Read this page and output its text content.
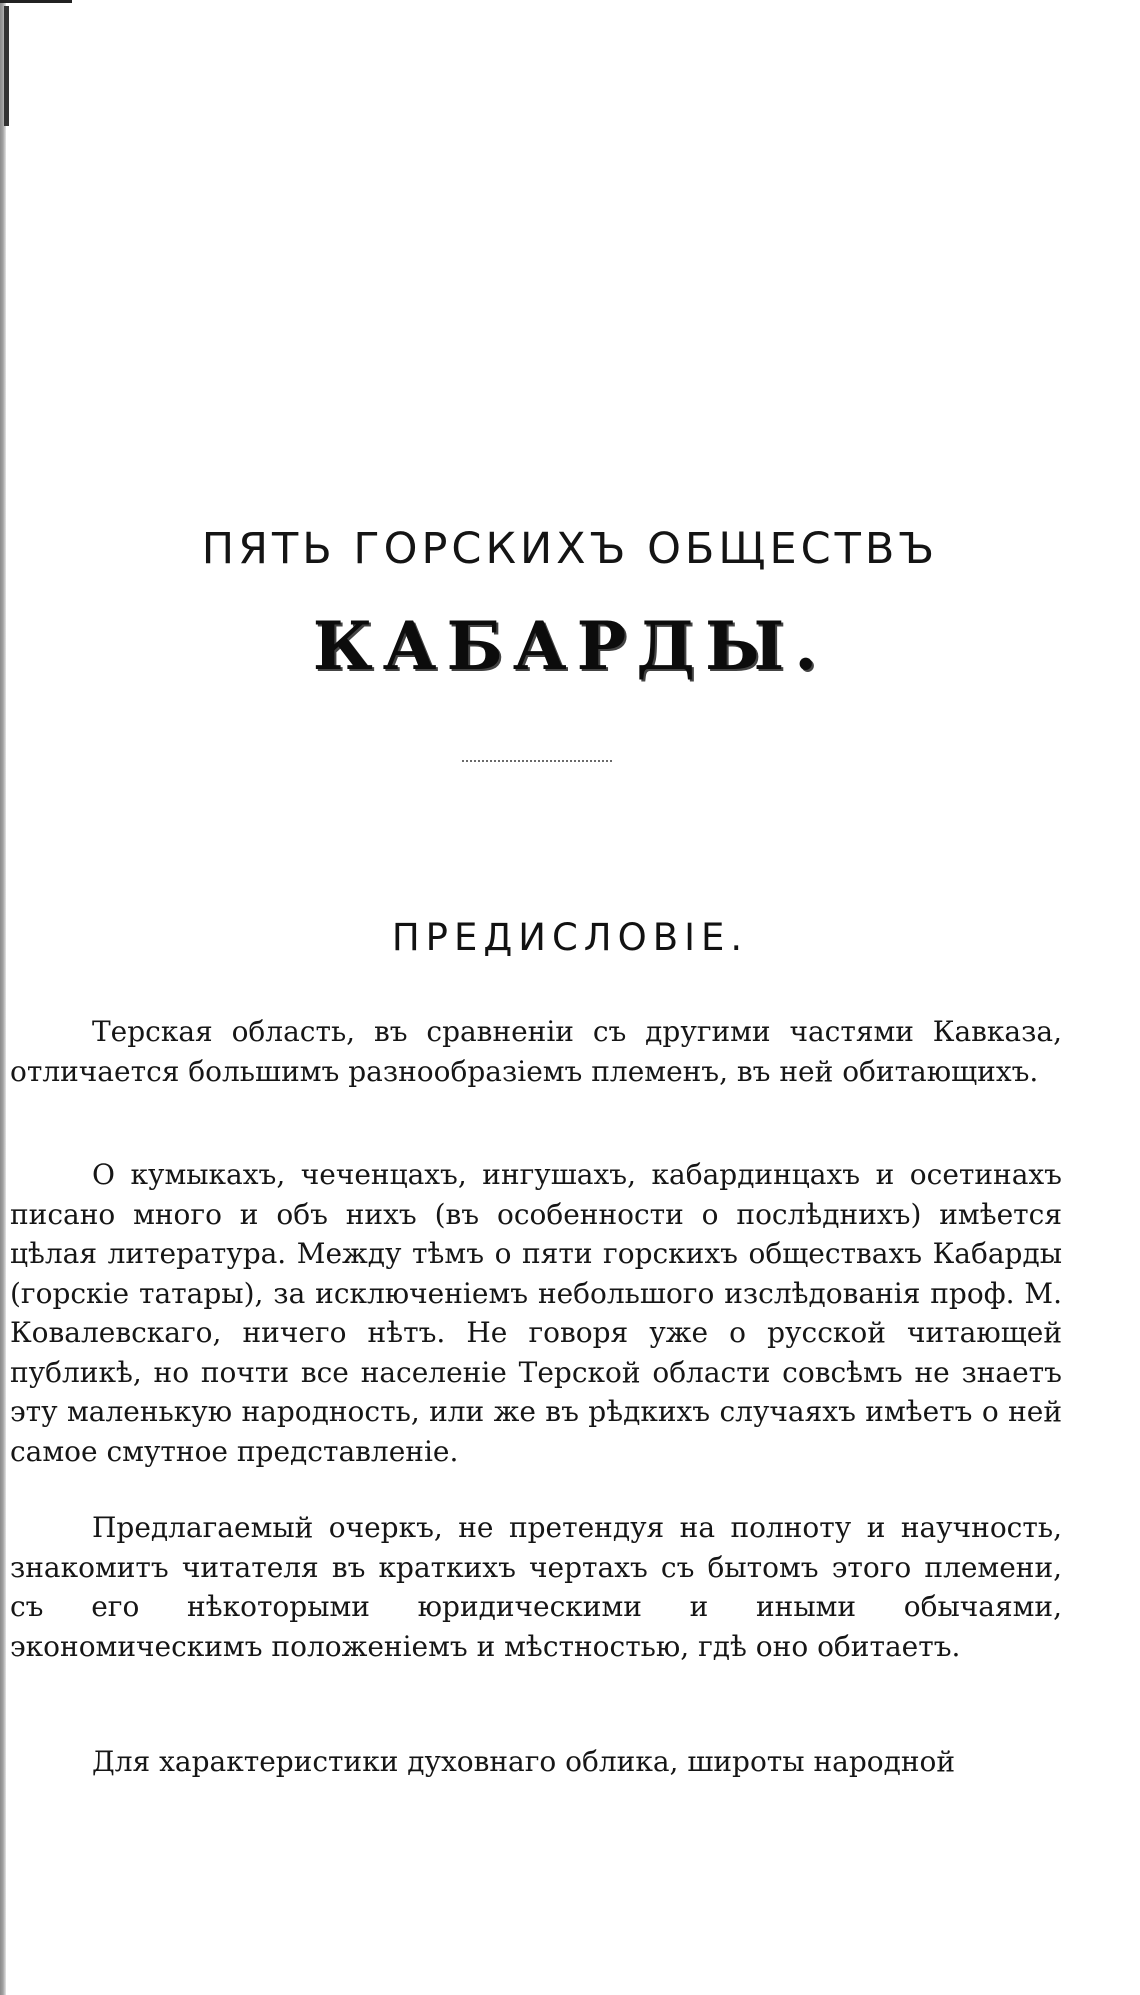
ПЯТЬ ГОРСКИХЪ ОБЩЕСТВЪ
КАБАРДЫ.
ПРЕДИСЛОВІЕ.

Терская область, въ сравненіи съ другими частями Кавказа, отличается большимъ разнообразіемъ племенъ, въ ней обитающихъ.

О кумыкахъ, чеченцахъ, ингушахъ, кабардинцахъ и осетинахъ писано много и объ нихъ (въ особенности о послѣднихъ) имѣется цѣлая литература. Между тѣмъ о пяти горскихъ обществахъ Кабарды (горскіе татары), за исключеніемъ небольшого изслѣдованія проф. М. Ковалевскаго, ничего нѣтъ. Не говоря уже о русской читающей публикѣ, но почти все населеніе Терской области совсѣмъ не знаетъ эту маленькую народность, или же въ рѣдкихъ случаяхъ имѣетъ о ней самое смутное представленіе.

Предлагаемый очеркъ, не претендуя на полноту и научность, знакомитъ читателя въ краткихъ чертахъ съ бытомъ этого племени, съ его нѣкоторыми юридическими и иными обычаями, экономическимъ положеніемъ и мѣстностью, гдѣ оно обитаетъ.

Для характеристики духовнаго облика, широты народной
